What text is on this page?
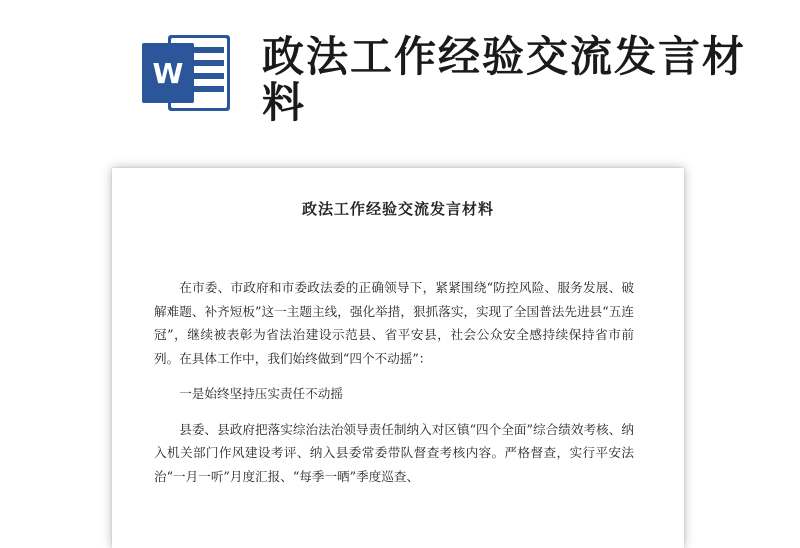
W 政法工作经验交流发言材料
政法工作经验交流发言材料

在市委、市政府和市委政法委的正确领导下，紧紧围绕“防控风险、服务发展、破解难题、补齐短板”这一主题主线，强化举措，狠抓落实，实现了全国普法先进县“五连冠”，继续被表彰为省法治建设示范县、省平安县，社会公众安全感持续保持省市前列。在具体工作中，我们始终做到“四个不动摇”：

一是始终坚持压实责任不动摇

县委、县政府把落实综治法治领导责任制纳入对区镇“四个全面”综合绩效考核、纳入机关部门作风建设考评、纳入县委常委带队督查考核内容。严格督查，实行平安法治“一月一听”月度汇报、“每季一晒”季度巡查、
